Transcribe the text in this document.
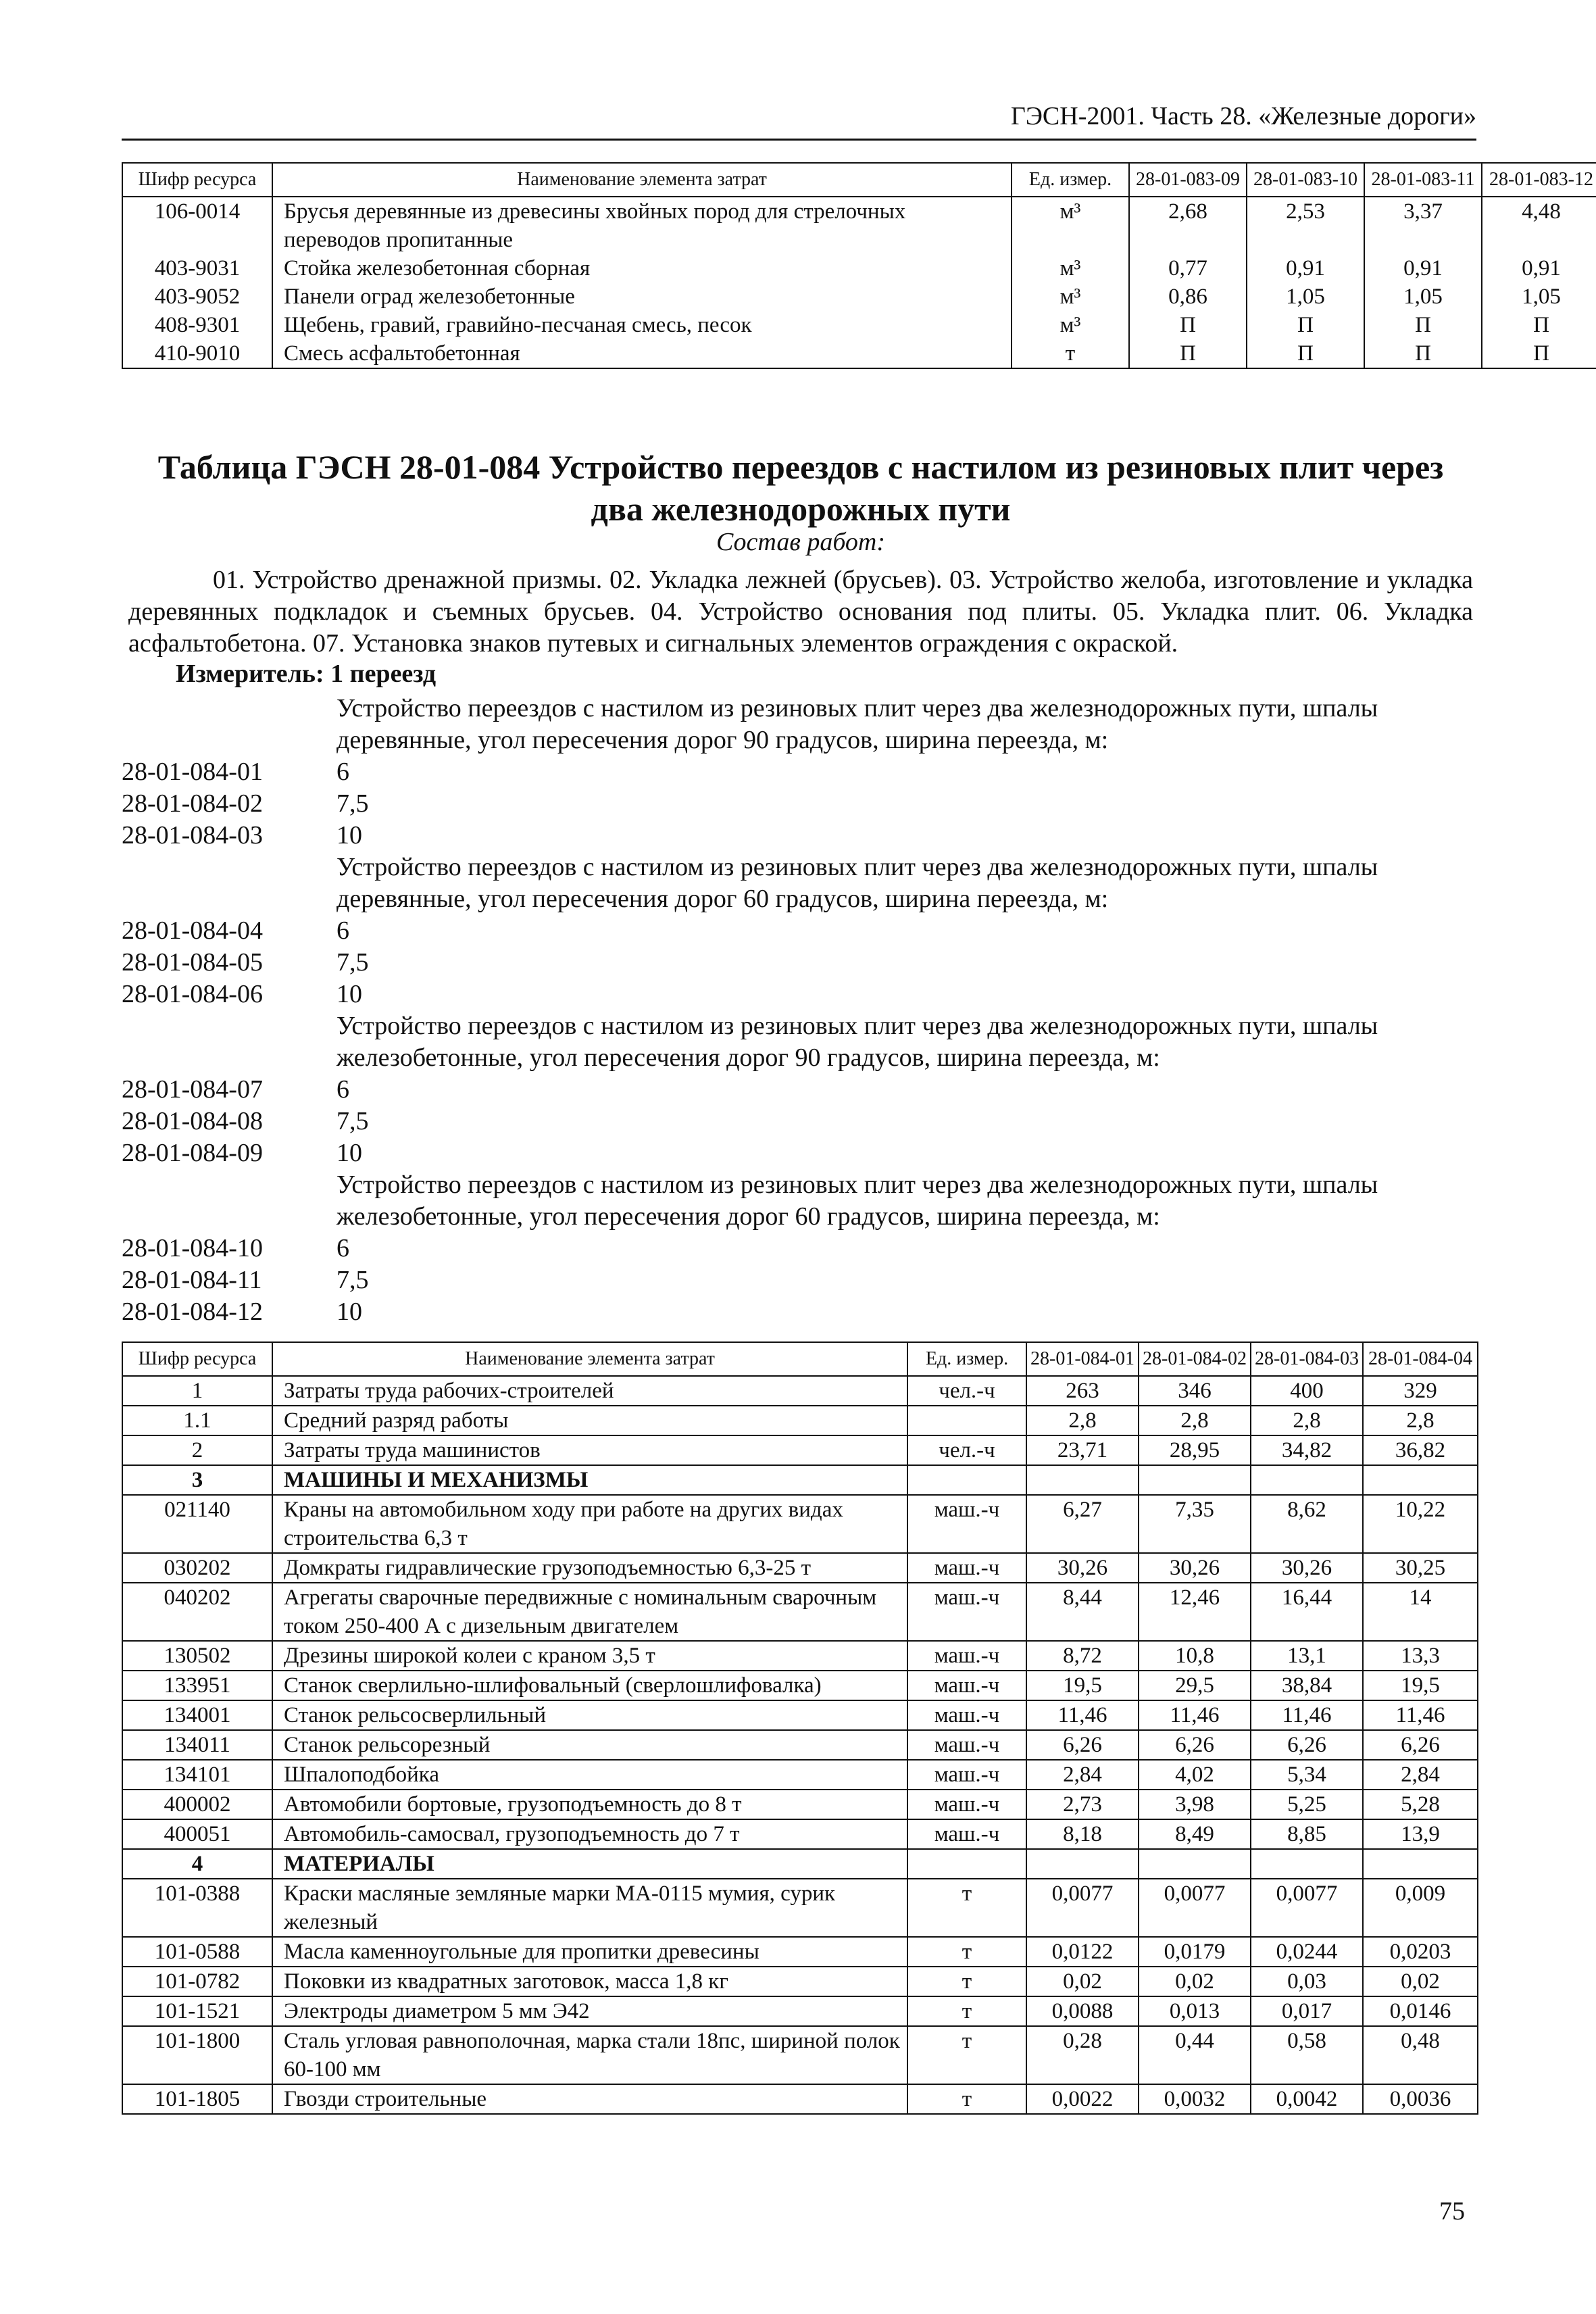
ГЭСН-2001. Часть 28. «Железные дороги»
Шифр ресурса	Наименование элемента затрат	Ед. измер.	28-01-083-09	28-01-083-10	28-01-083-11	28-01-083-12
106-0014	Брусья деревянные из древесины хвойных пород для стрелочных переводов пропитанные	м³	2,68	2,53	3,37	4,48
403-9031	Стойка железобетонная сборная	м³	0,77	0,91	0,91	0,91
403-9052	Панели оград железобетонные	м³	0,86	1,05	1,05	1,05
408-9301	Щебень, гравий, гравийно-песчаная смесь, песок	м³	П	П	П	П
410-9010	Смесь асфальтобетонная	т	П	П	П	П
Таблица ГЭСН 28-01-084 Устройство переездов с настилом из резиновых плит через два железнодорожных пути
Состав работ:
01. Устройство дренажной призмы. 02. Укладка лежней (брусьев). 03. Устройство желоба, изготовление и укладка деревянных подкладок и съемных брусьев. 04. Устройство основания под плиты. 05. Укладка плит. 06. Укладка асфальтобетона. 07. Установка знаков путевых и сигнальных элементов ограждения с окраской.
Измеритель: 1 переезд
Устройство переездов с настилом из резиновых плит через два железнодорожных пути, шпалы деревянные, угол пересечения дорог 90 градусов, ширина переезда, м:
28-01-084-01	6
28-01-084-02	7,5
28-01-084-03	10
Устройство переездов с настилом из резиновых плит через два железнодорожных пути, шпалы деревянные, угол пересечения дорог 60 градусов, ширина переезда, м:
28-01-084-04	6
28-01-084-05	7,5
28-01-084-06	10
Устройство переездов с настилом из резиновых плит через два железнодорожных пути, шпалы железобетонные, угол пересечения дорог 90 градусов, ширина переезда, м:
28-01-084-07	6
28-01-084-08	7,5
28-01-084-09	10
Устройство переездов с настилом из резиновых плит через два железнодорожных пути, шпалы железобетонные, угол пересечения дорог 60 градусов, ширина переезда, м:
28-01-084-10	6
28-01-084-11	7,5
28-01-084-12	10
Шифр ресурса	Наименование элемента затрат	Ед. измер.	28-01-084-01	28-01-084-02	28-01-084-03	28-01-084-04
1	Затраты труда рабочих-строителей	чел.-ч	263	346	400	329
1.1	Средний разряд работы		2,8	2,8	2,8	2,8
2	Затраты труда машинистов	чел.-ч	23,71	28,95	34,82	36,82
3	МАШИНЫ И МЕХАНИЗМЫ					
021140	Краны на автомобильном ходу при работе на других видах строительства 6,3 т	маш.-ч	6,27	7,35	8,62	10,22
030202	Домкраты гидравлические грузоподъемностью 6,3-25 т	маш.-ч	30,26	30,26	30,26	30,25
040202	Агрегаты сварочные передвижные с номинальным сварочным током 250-400 А с дизельным двигателем	маш.-ч	8,44	12,46	16,44	14
130502	Дрезины широкой колеи с краном 3,5 т	маш.-ч	8,72	10,8	13,1	13,3
133951	Станок сверлильно-шлифовальный (сверлошлифовалка)	маш.-ч	19,5	29,5	38,84	19,5
134001	Станок рельсосверлильный	маш.-ч	11,46	11,46	11,46	11,46
134011	Станок рельсорезный	маш.-ч	6,26	6,26	6,26	6,26
134101	Шпалоподбойка	маш.-ч	2,84	4,02	5,34	2,84
400002	Автомобили бортовые, грузоподъемность до 8 т	маш.-ч	2,73	3,98	5,25	5,28
400051	Автомобиль-самосвал, грузоподъемность до 7 т	маш.-ч	8,18	8,49	8,85	13,9
4	МАТЕРИАЛЫ					
101-0388	Краски масляные земляные марки МА-0115 мумия, сурик железный	т	0,0077	0,0077	0,0077	0,009
101-0588	Масла каменноугольные для пропитки древесины	т	0,0122	0,0179	0,0244	0,0203
101-0782	Поковки из квадратных заготовок, масса 1,8 кг	т	0,02	0,02	0,03	0,02
101-1521	Электроды диаметром 5 мм Э42	т	0,0088	0,013	0,017	0,0146
101-1800	Сталь угловая равнополочная, марка стали 18пс, шириной полок 60-100 мм	т	0,28	0,44	0,58	0,48
101-1805	Гвозди строительные	т	0,0022	0,0032	0,0042	0,0036
75
